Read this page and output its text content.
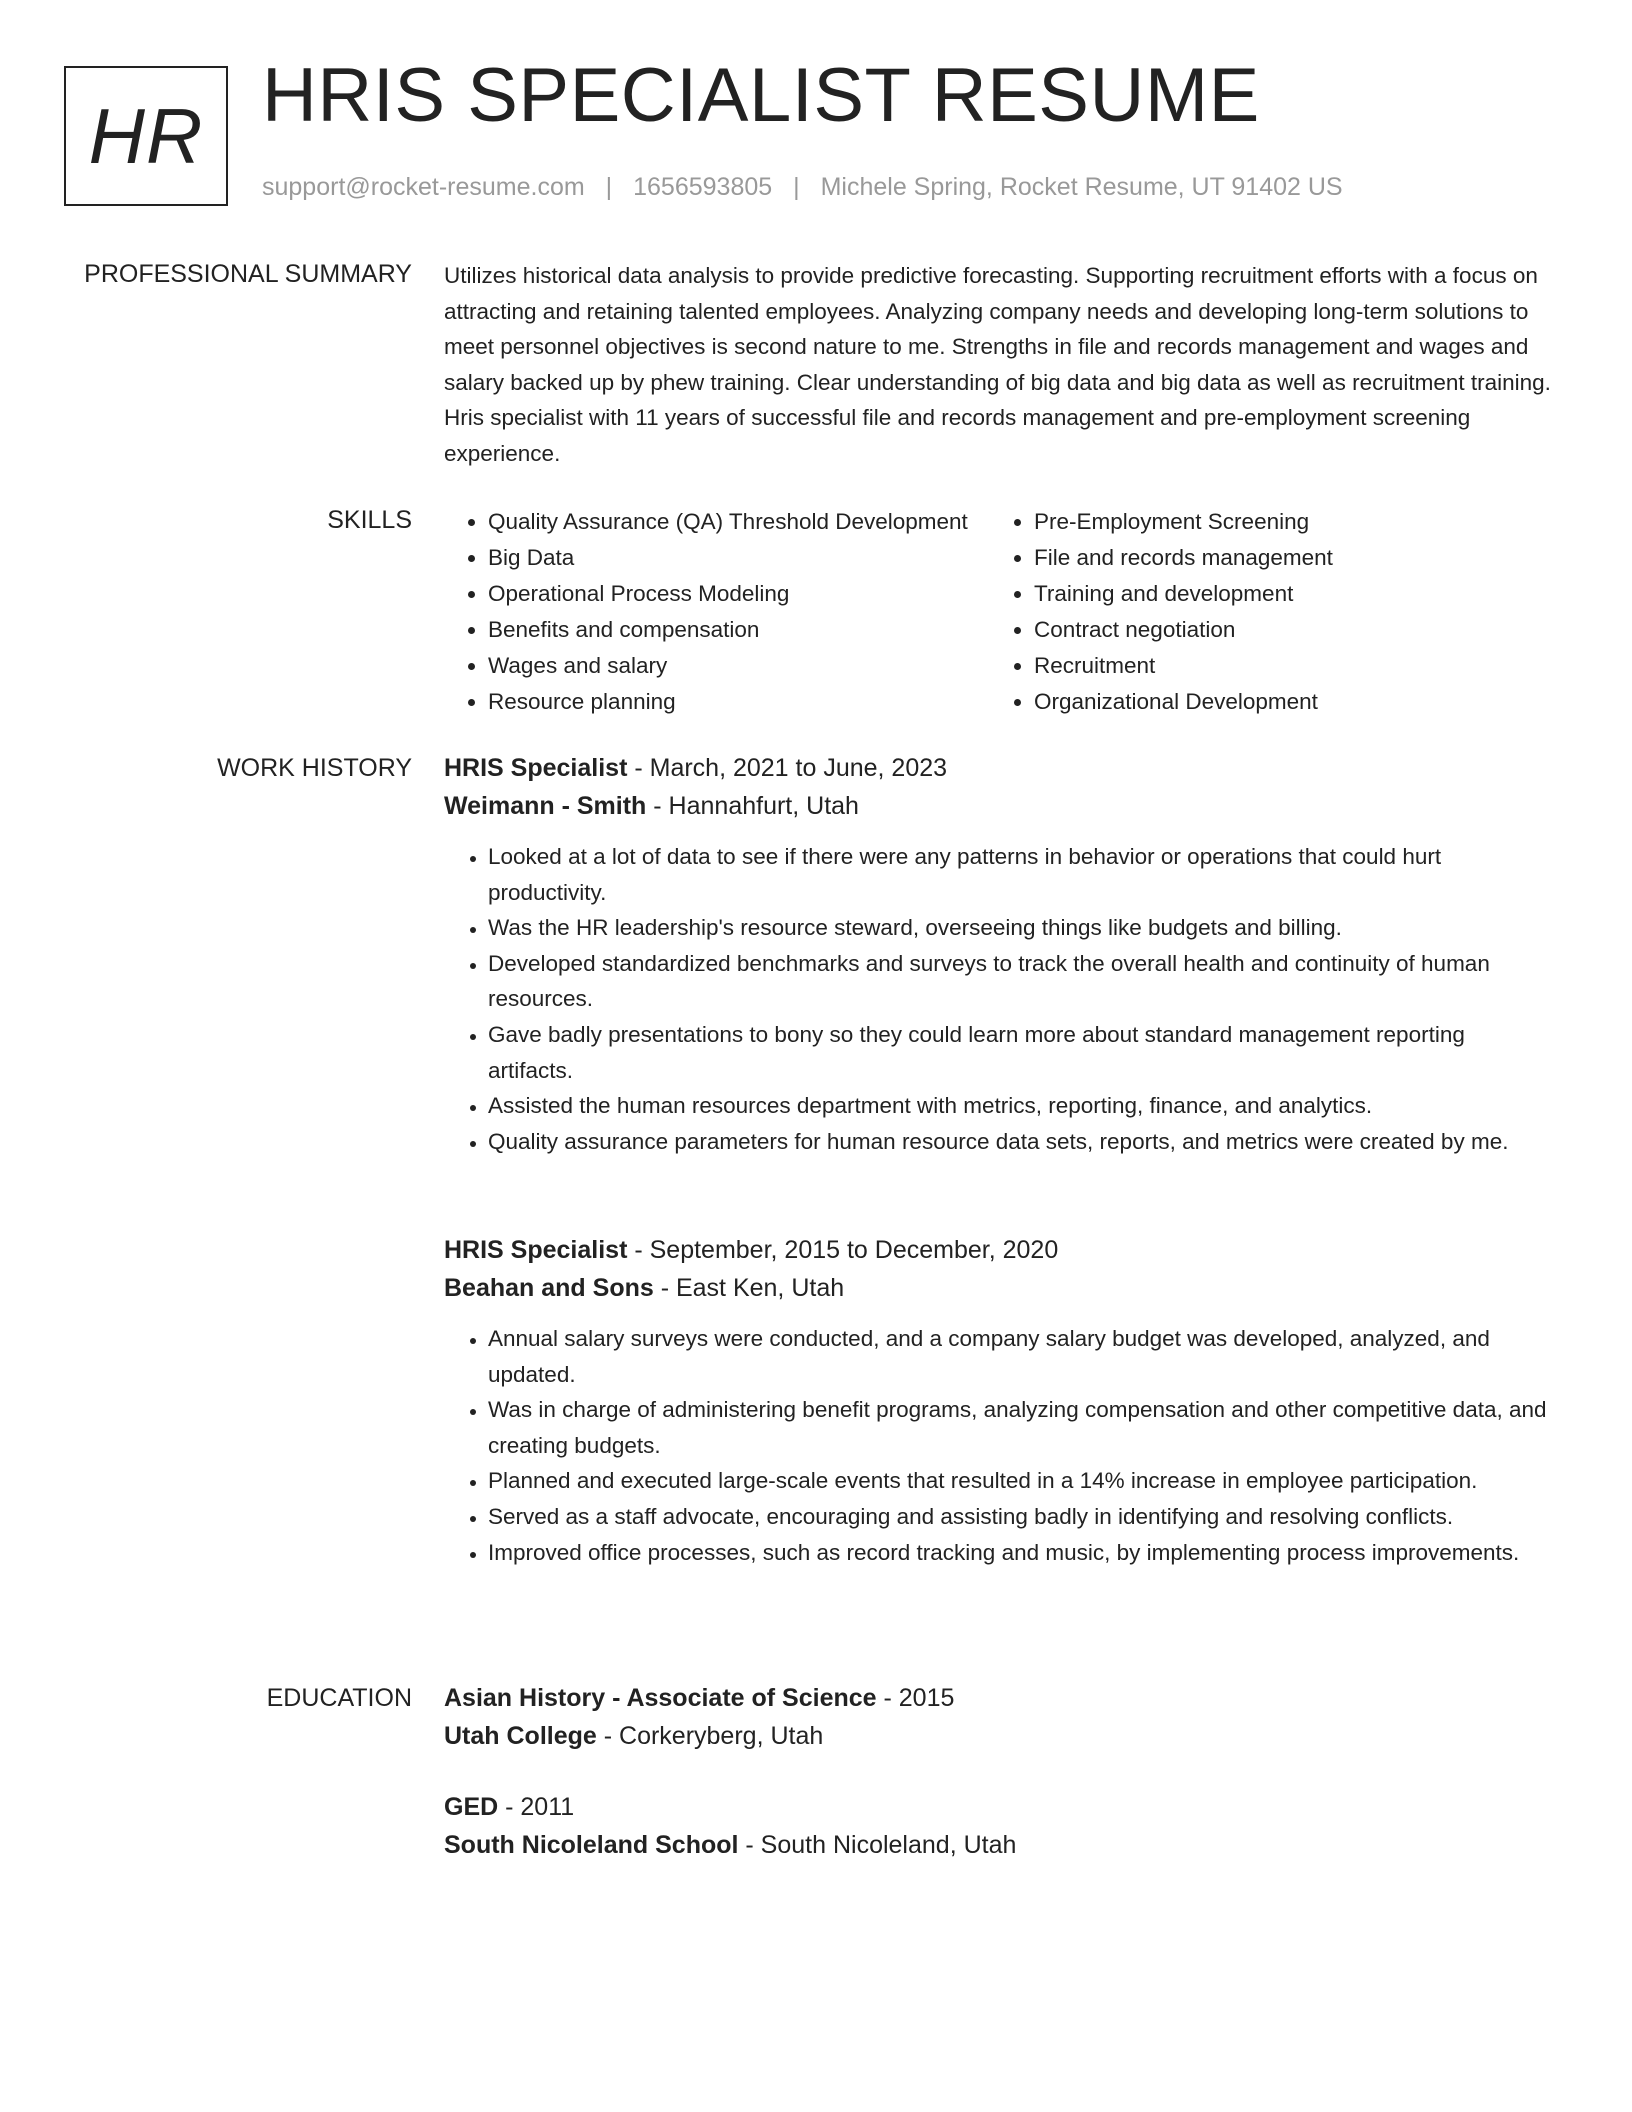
HR HRIS SPECIALIST RESUME
support@rocket-resume.com | 1656593805 | Michele Spring, Rocket Resume, UT 91402 US
PROFESSIONAL SUMMARY Utilizes historical data analysis to provide predictive forecasting. Supporting recruitment efforts with a focus on attracting and retaining talented employees. Analyzing company needs and developing long-term solutions to meet personnel objectives is second nature to me. Strengths in file and records management and wages and salary backed up by phew training. Clear understanding of big data and big data as well as recruitment training. Hris specialist with 11 years of successful file and records management and pre-employment screening experience.

SKILLS
•	Quality Assurance (QA) Threshold Development
• Big Data
• Operational Process Modeling
• Benefits and compensation
• Wages and salary
• Resource planning
• Pre-Employment Screening
• File and records management
• Training and development
• Contract negotiation
• Recruitment
• Organizational Development
WORK HISTORY HRIS Specialist - March, 2021 to June, 2023
Weimann - Smith - Hannahfurt, Utah
• Looked at a lot of data to see if there were any patterns in behavior or operations that could hurt productivity.
• Was the HR leadership's resource steward, overseeing things like budgets and billing.
• Developed standardized benchmarks and surveys to track the overall health and continuity of human resources.
• Gave badly presentations to bony so they could learn more about standard management reporting artifacts.
• Assisted the human resources department with metrics, reporting, finance, and analytics.
• Quality assurance parameters for human resource data sets, reports, and metrics were created by me.
HRIS Specialist - September, 2015 to December, 2020
Beahan and Sons - East Ken, Utah
• Annual salary surveys were conducted, and a company salary budget was developed, analyzed, and updated.
• Was in charge of administering benefit programs, analyzing compensation and other competitive data, and creating budgets.
• Planned and executed large-scale events that resulted in a 14% increase in employee participation.
• Served as a staff advocate, encouraging and assisting badly in identifying and resolving conflicts.
• Improved office processes, such as record tracking and music, by implementing process improvements.
EDUCATION Asian History - Associate of Science - 2015
Utah College - Corkeryberg, Utah
GED - 2011
South Nicoleland School - South Nicoleland, Utah
